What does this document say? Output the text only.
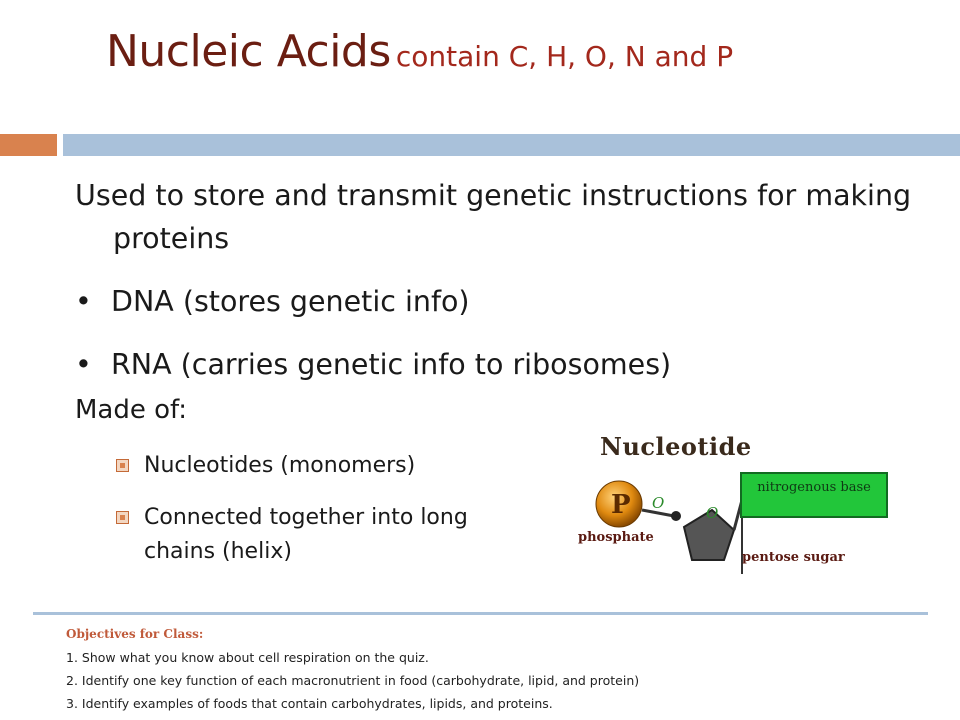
Nucleic Acids contain C, H, O, N and P
Used to store and transmit genetic instructions for making proteins
• DNA (stores genetic info)
• RNA (carries genetic info to ribosomes)
Made of:
Nucleotides (monomers)
Connected together into long chains (helix)
Nucleotide
P O
O
nitrogenous base
phosphate
pentose sugar
Objectives for Class:
1. Show what you know about cell respiration on the quiz.
2. Identify one key function of each macronutrient in food (carbohydrate, lipid, and protein)
3. Identify examples of foods that contain carbohydrates, lipids, and proteins.
